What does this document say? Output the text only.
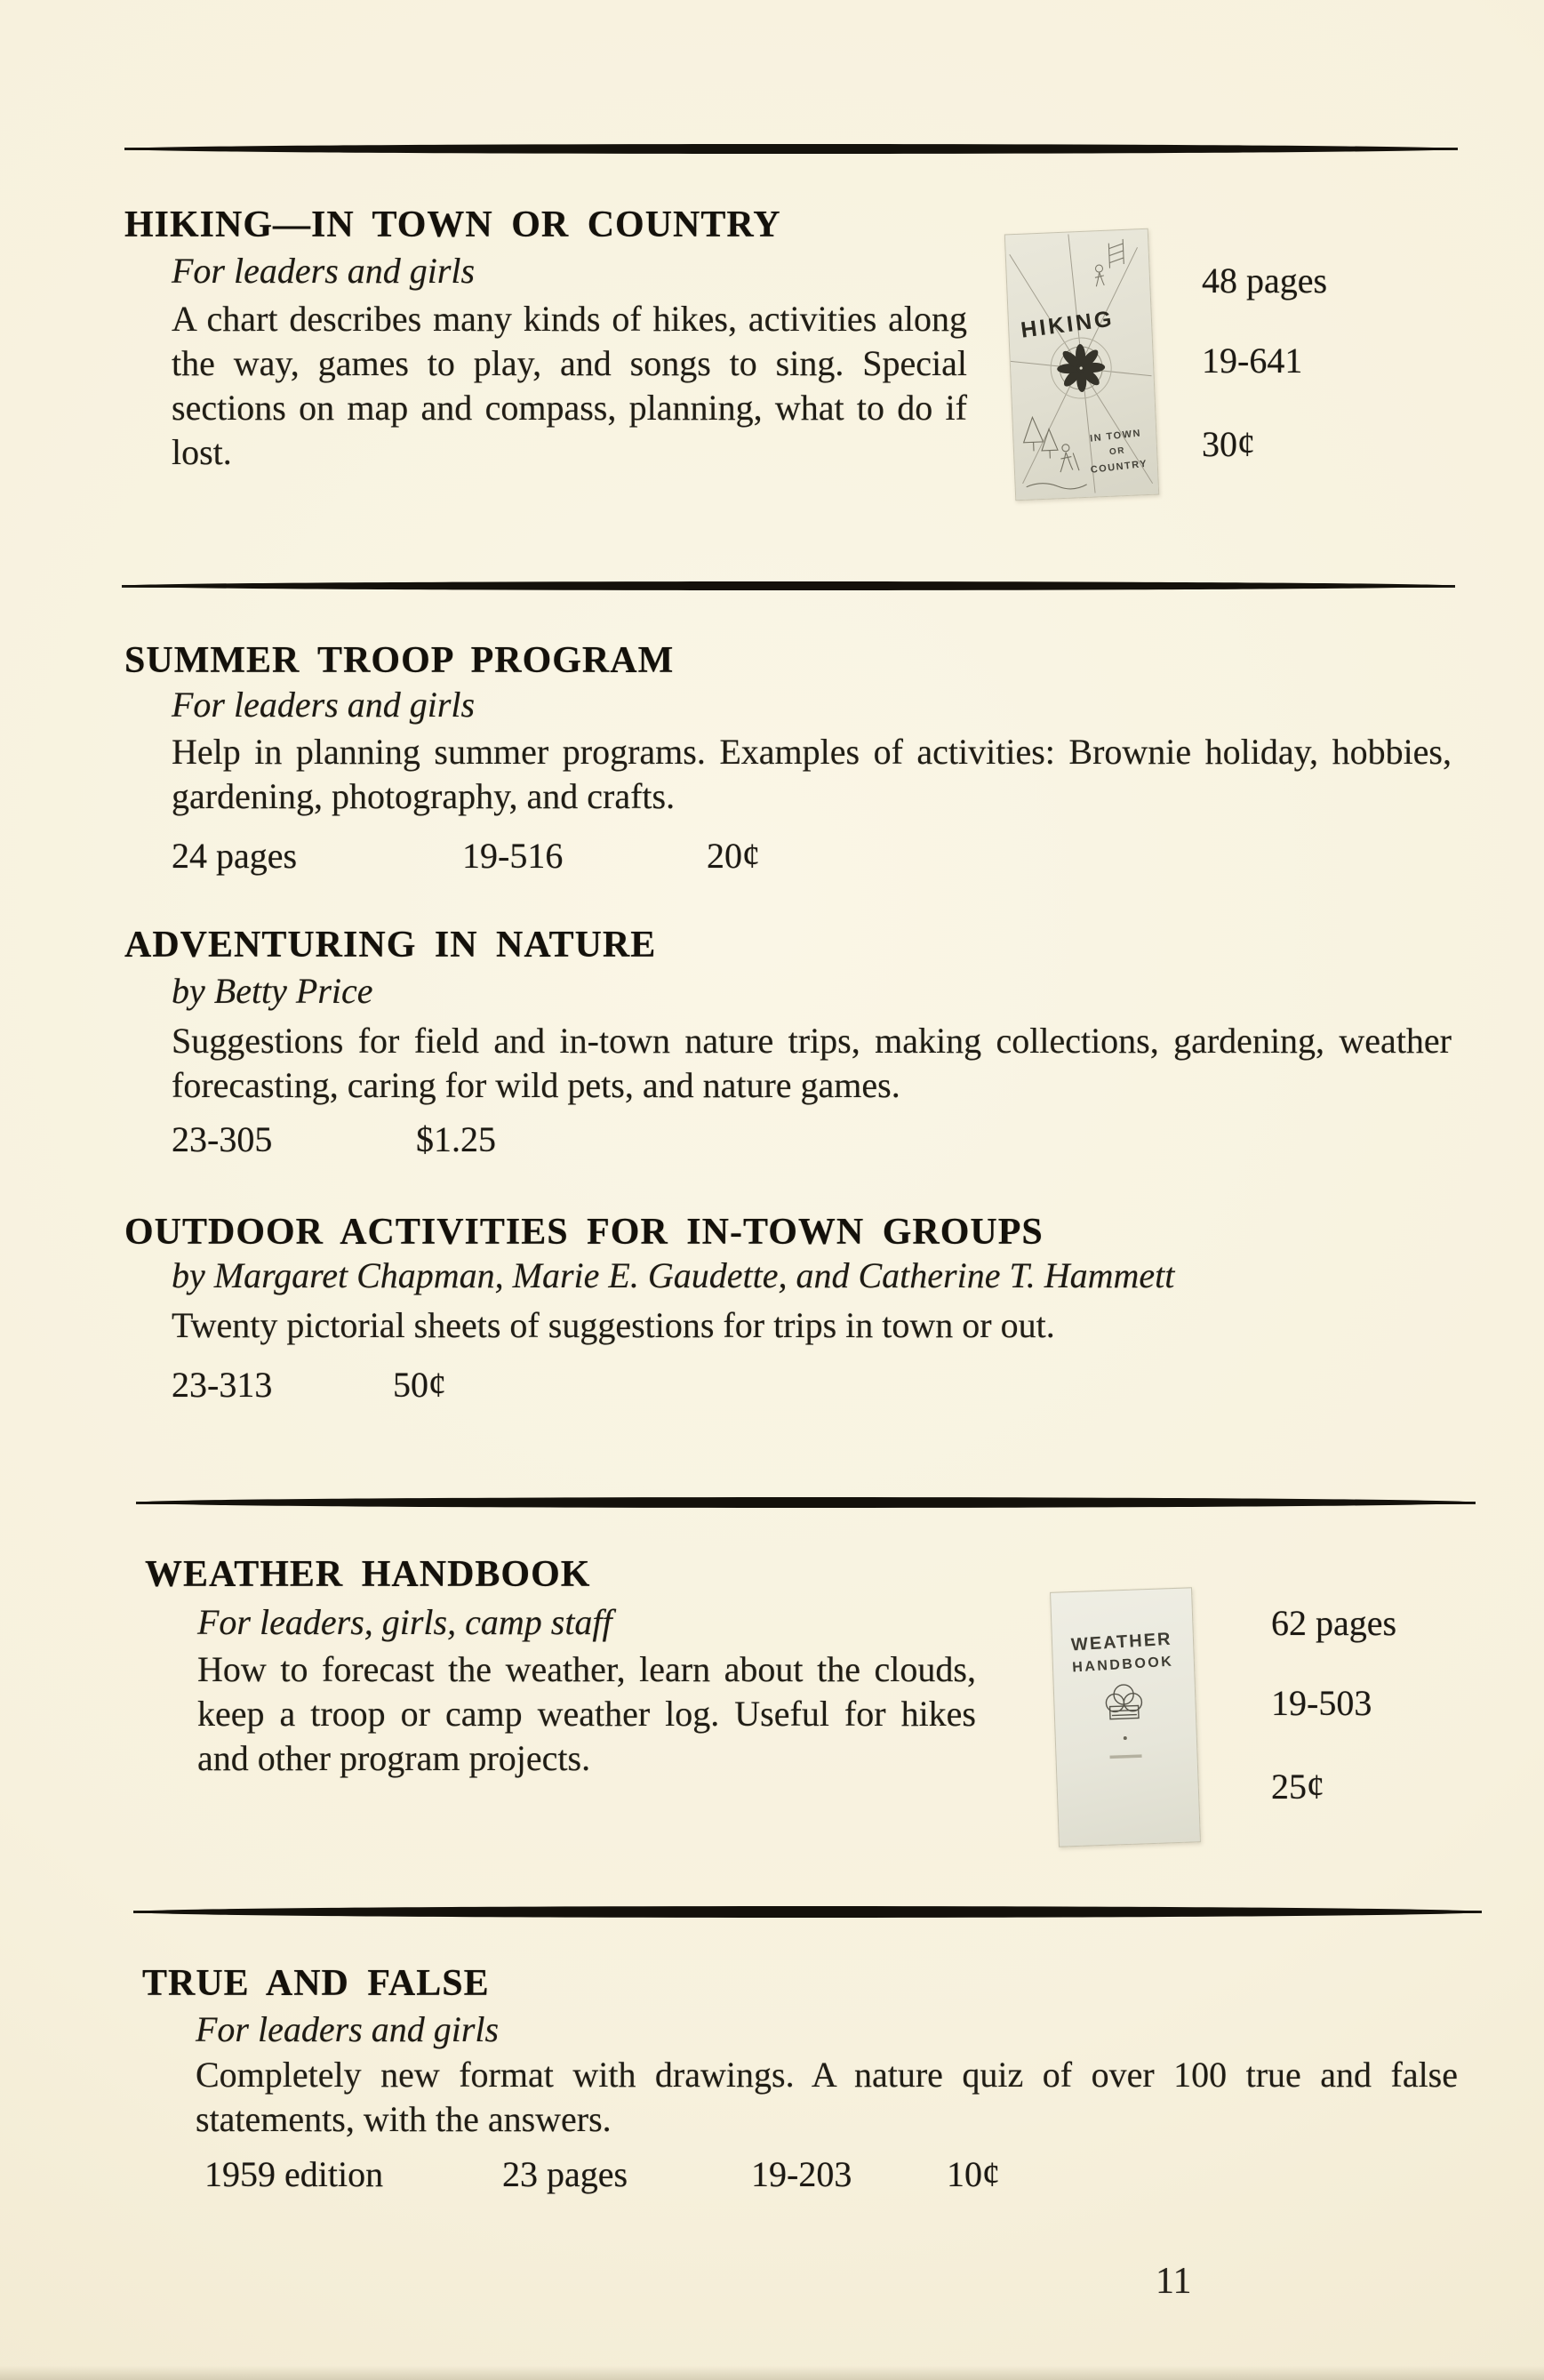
HIKING—IN TOWN OR COUNTRY
For leaders and girls
A chart describes many kinds of hikes, activities along the way, games to play, and songs to sing. Special sections on map and compass, planning, what to do if lost.
HIKING
IN TOWN
OR
COUNTRY
48 pages
19-641
30¢
SUMMER TROOP PROGRAM
For leaders and girls
Help in planning summer programs. Examples of activities: Brownie holiday, hobbies, gardening, photography, and crafts.
24 pages	19-516	20¢
ADVENTURING IN NATURE
by Betty Price
Suggestions for field and in-town nature trips, making collections, gardening, weather forecasting, caring for wild pets, and nature games.
23-305	$1.25
OUTDOOR ACTIVITIES FOR IN-TOWN GROUPS
by Margaret Chapman, Marie E. Gaudette, and Catherine T. Hammett
Twenty pictorial sheets of suggestions for trips in town or out.
23-313	50¢
WEATHER HANDBOOK
For leaders, girls, camp staff
How to forecast the weather, learn about the clouds, keep a troop or camp weather log. Useful for hikes and other program projects.
WEATHER
HANDBOOK
62 pages
19-503
25¢
TRUE AND FALSE
For leaders and girls
Completely new format with drawings. A nature quiz of over 100 true and false statements, with the answers.
1959 edition	23 pages	19-203	10¢
11
